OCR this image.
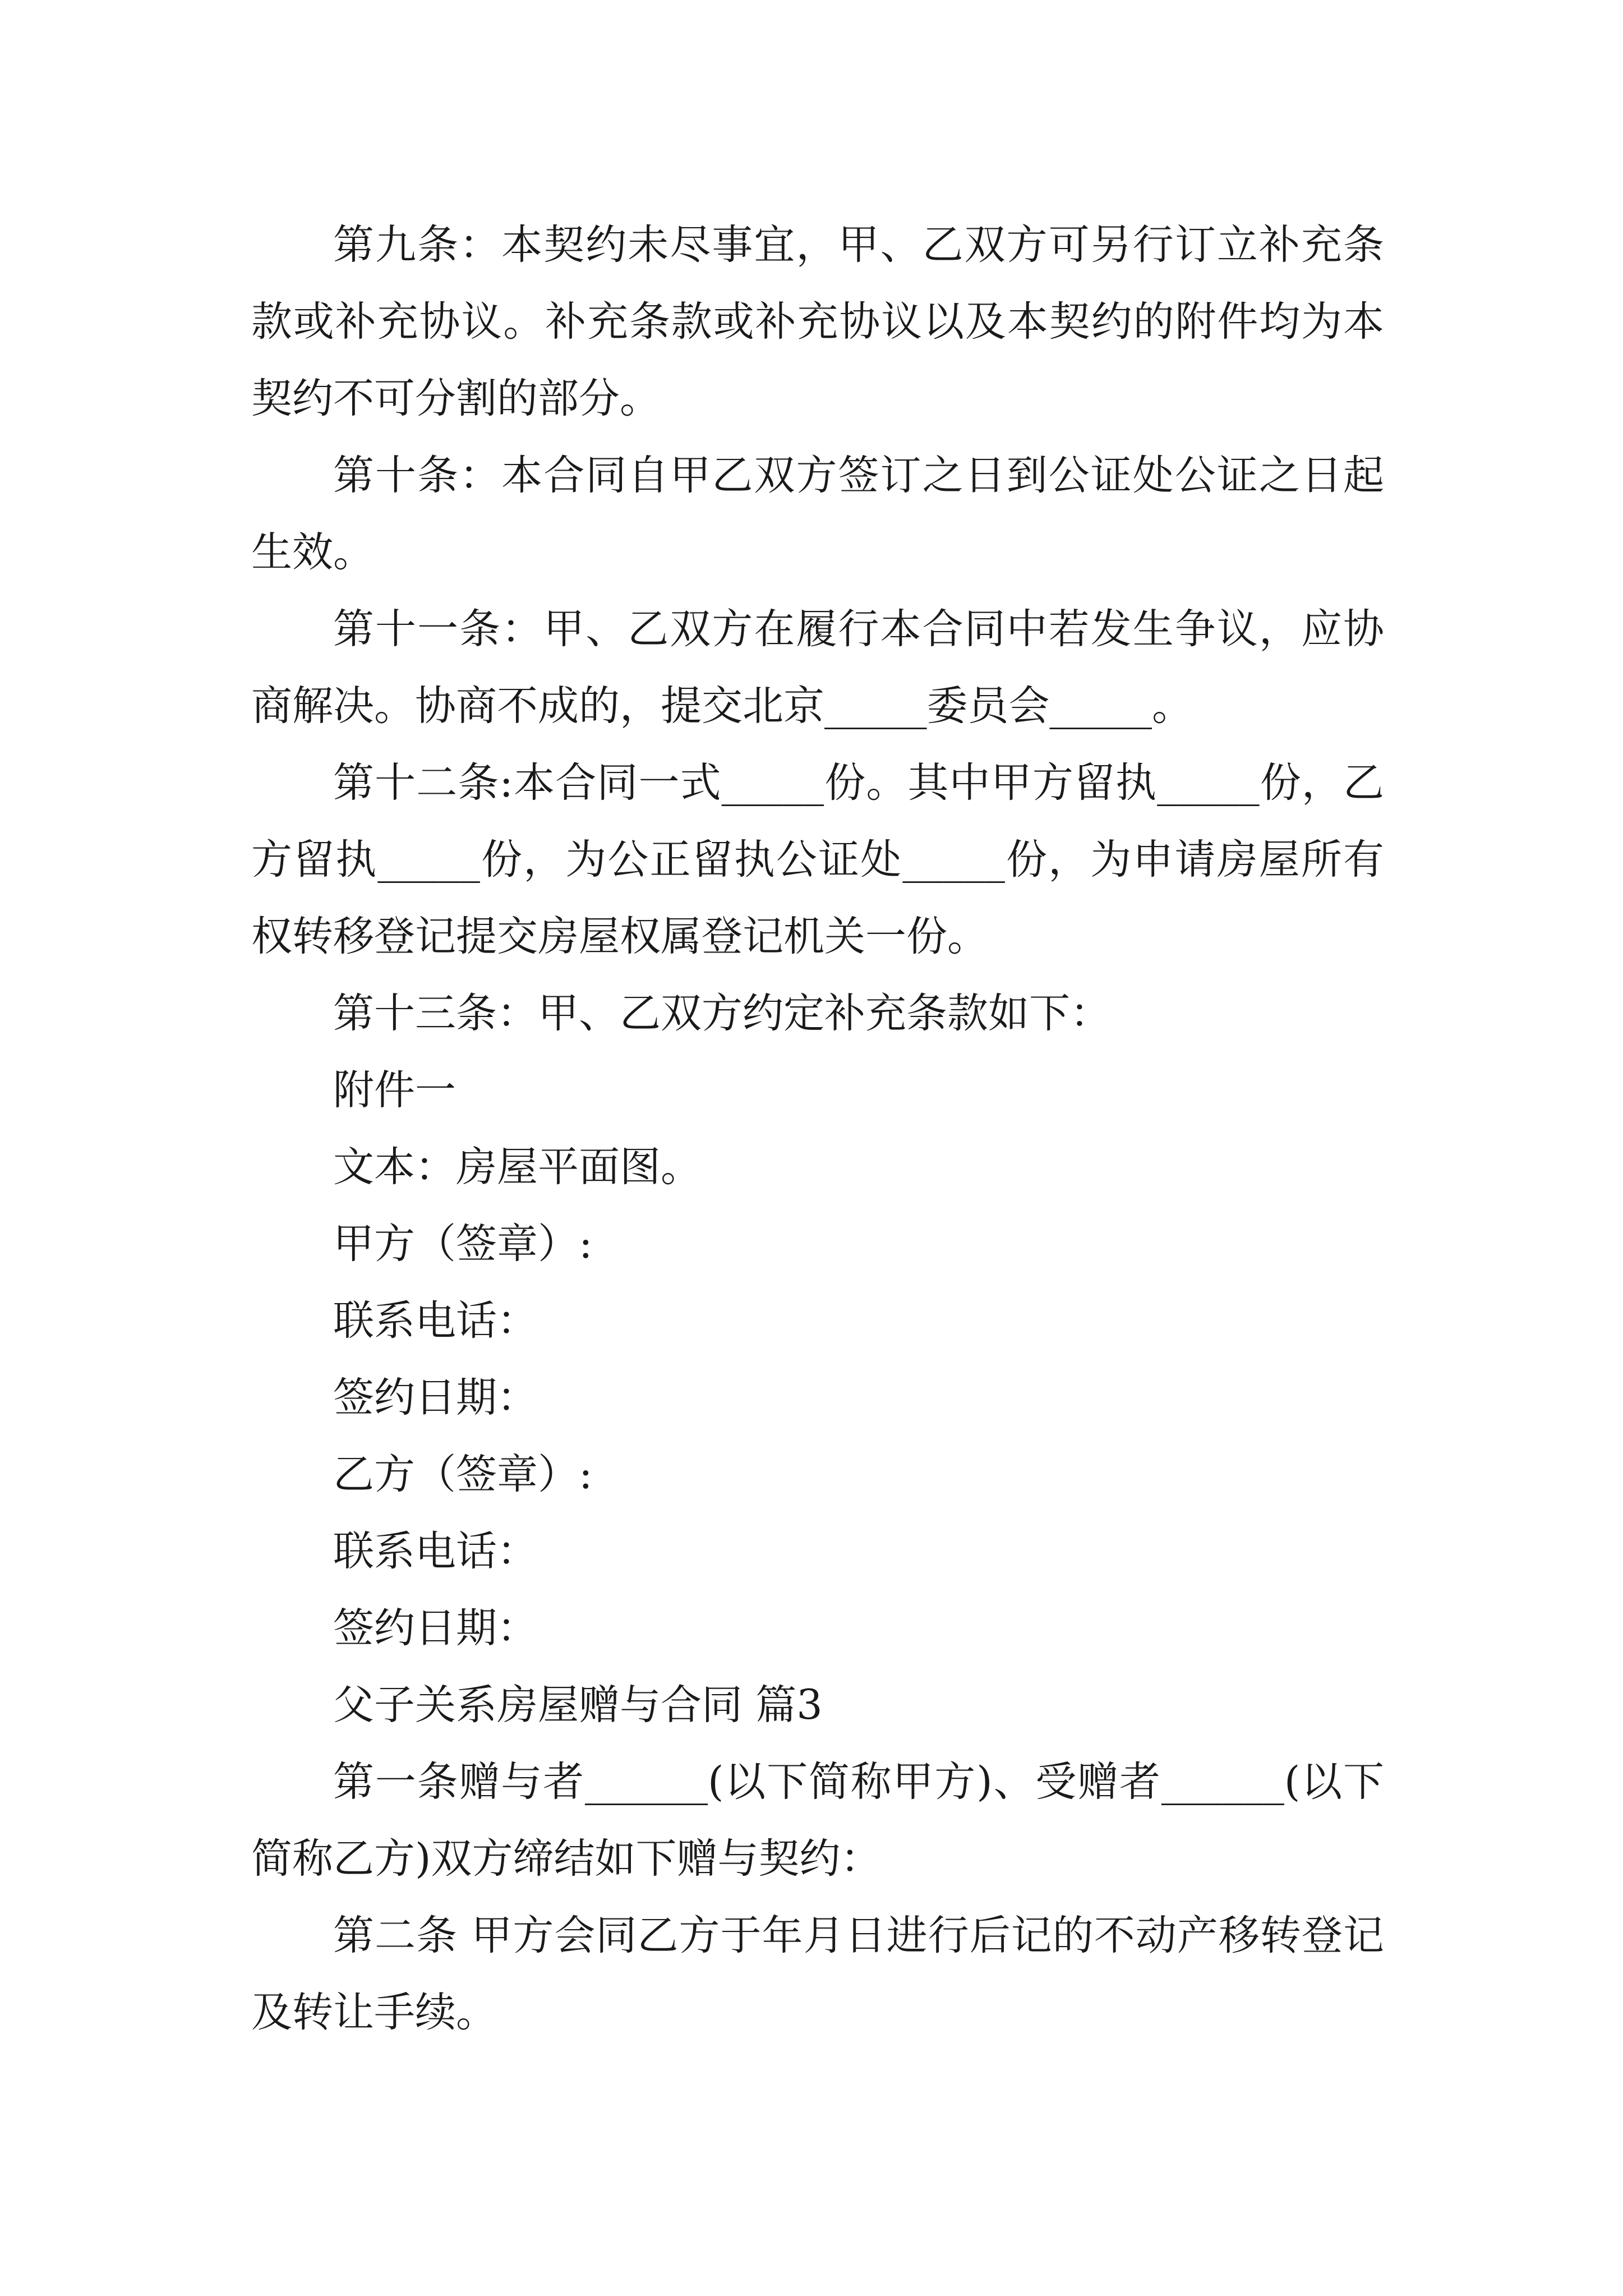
第九条：本契约未尽事宜，甲、乙双方可另行订立补充条款或补充协议。补充条款或补充协议以及本契约的附件均为本契约不可分割的部分。

第十条：本合同自甲乙双方签订之日到公证处公证之日起生效。

第十一条：甲、乙双方在履行本合同中若发生争议，应协商解决。协商不成的，提交北京_____委员会_____。

第十二条:本合同一式_____份。其中甲方留执_____份，乙方留执_____份，为公正留执公证处_____份，为申请房屋所有权转移登记提交房屋权属登记机关一份。

第十三条：甲、乙双方约定补充条款如下：

附件一

文本：房屋平面图。

甲方（签章）:

联系电话：

签约日期：

乙方（签章）:

联系电话：

签约日期：

父子关系房屋赠与合同 篇3

第一条赠与者______(以下简称甲方)、受赠者______(以下简称乙方)双方缔结如下赠与契约：

第二条 甲方会同乙方于年月日进行后记的不动产移转登记及转让手续。
